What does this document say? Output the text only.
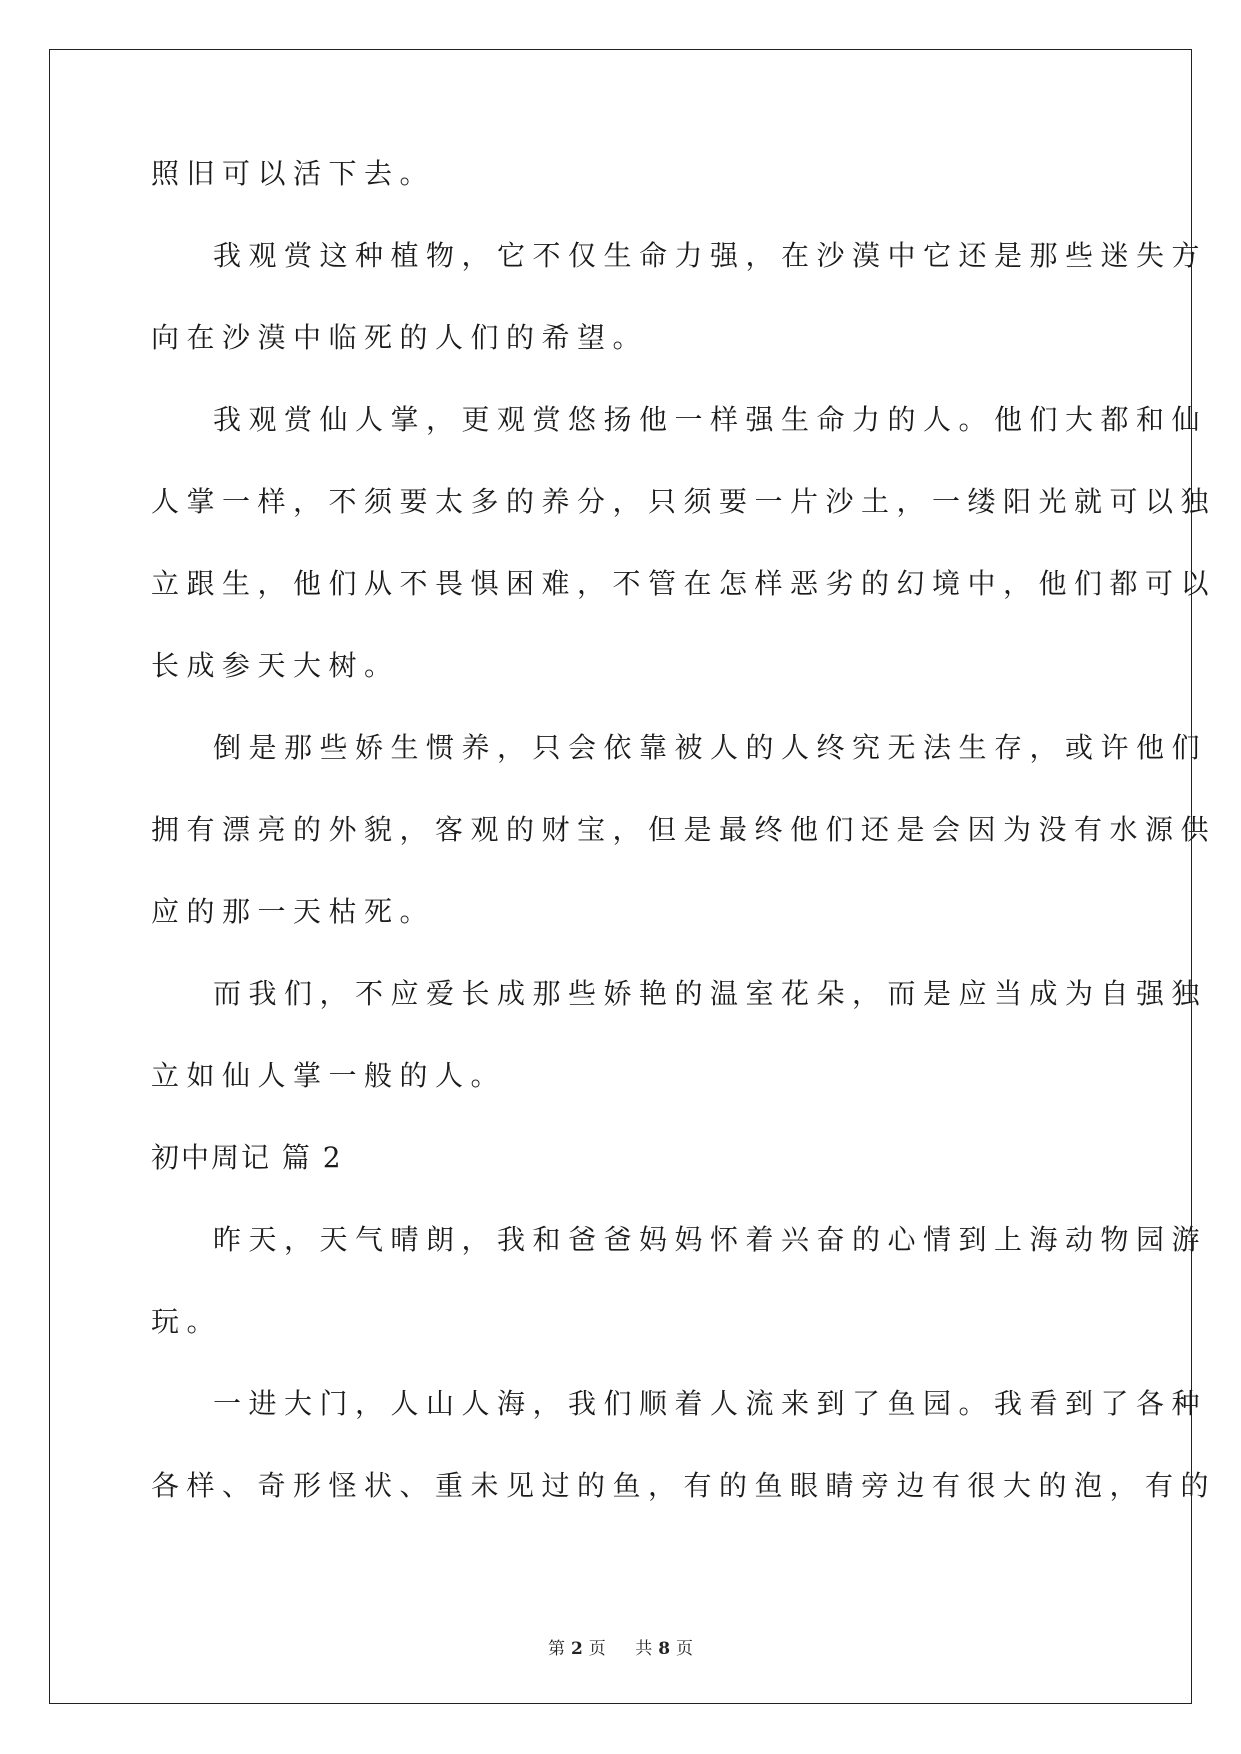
照旧可以活下去。
我观赏这种植物，它不仅生命力强，在沙漠中它还是那些迷失方
向在沙漠中临死的人们的希望。
我观赏仙人掌，更观赏悠扬他一样强生命力的人。他们大都和仙
人掌一样，不须要太多的养分，只须要一片沙土，一缕阳光就可以独
立跟生，他们从不畏惧困难，不管在怎样恶劣的幻境中，他们都可以
长成参天大树。
倒是那些娇生惯养，只会依靠被人的人终究无法生存，或许他们
拥有漂亮的外貌，客观的财宝，但是最终他们还是会因为没有水源供
应的那一天枯死。
而我们，不应爱长成那些娇艳的温室花朵，而是应当成为自强独
立如仙人掌一般的人。
初中周记 篇 2
昨天，天气晴朗，我和爸爸妈妈怀着兴奋的心情到上海动物园游
玩。
一进大门，人山人海，我们顺着人流来到了鱼园。我看到了各种
各样、奇形怪状、重未见过的鱼，有的鱼眼睛旁边有很大的泡，有的
第 2 页 共 8 页
